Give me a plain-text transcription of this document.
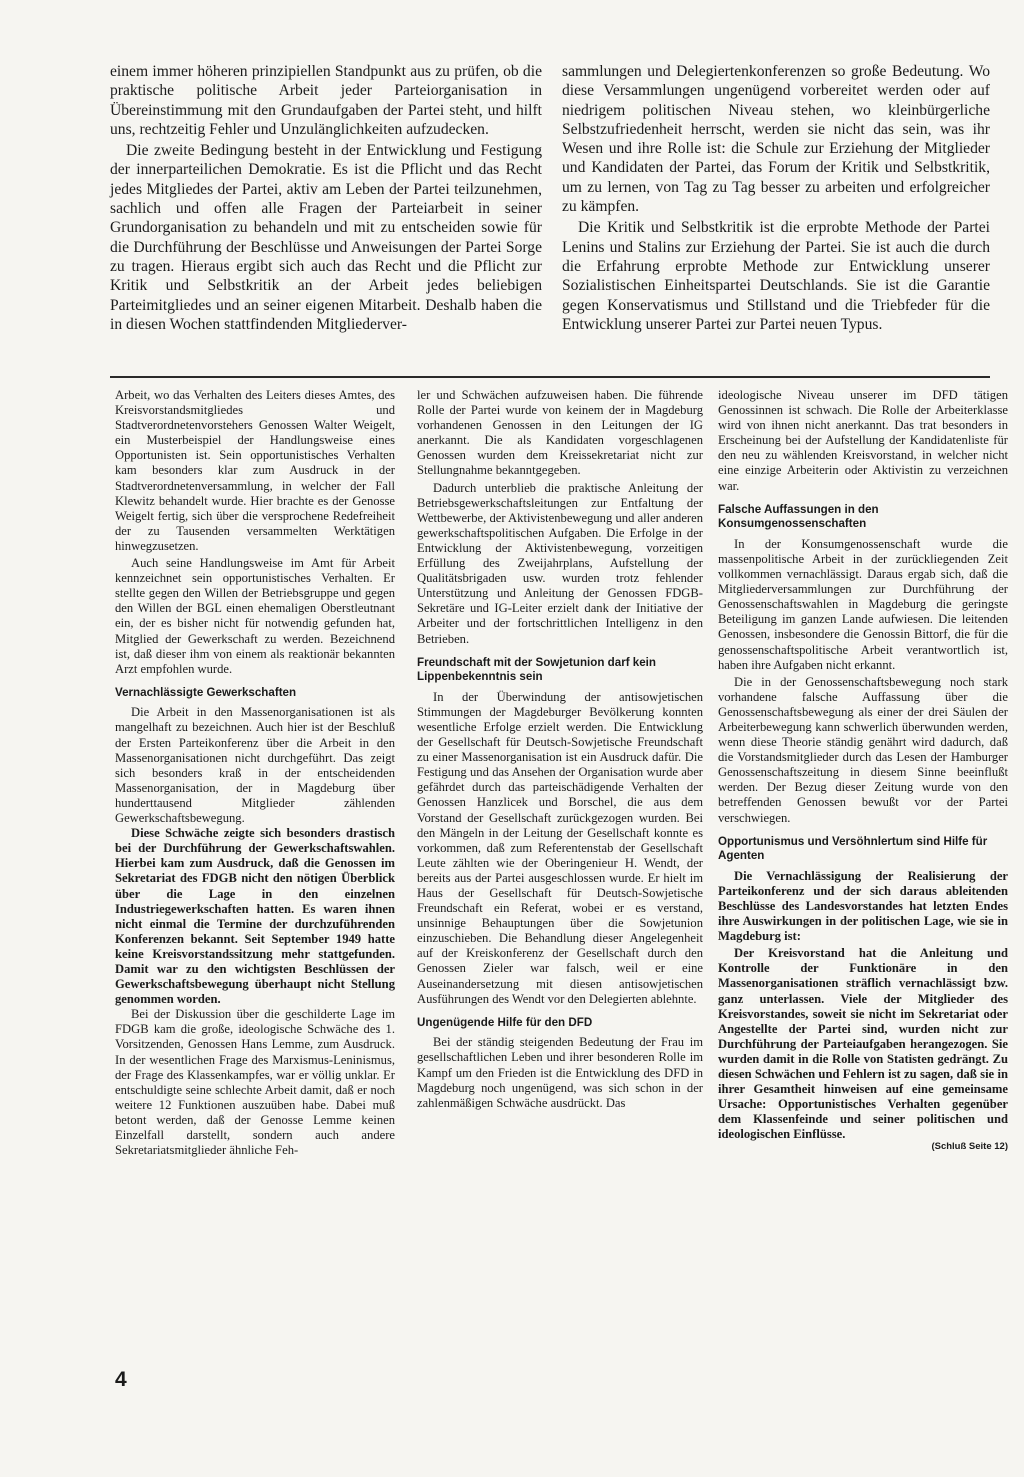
einem immer höheren prinzipiellen Standpunkt aus zu prüfen, ob die praktische politische Arbeit jeder Parteiorganisation in Übereinstimmung mit den Grundaufgaben der Partei steht, und hilft uns, rechtzeitig Fehler und Unzulänglichkeiten aufzudecken.

Die zweite Bedingung besteht in der Entwicklung und Festigung der innerparteilichen Demokratie. Es ist die Pflicht und das Recht jedes Mitgliedes der Partei, aktiv am Leben der Partei teilzunehmen, sachlich und offen alle Fragen der Parteiarbeit in seiner Grundorganisation zu behandeln und mit zu entscheiden sowie für die Durchführung der Beschlüsse und Anweisungen der Partei Sorge zu tragen. Hieraus ergibt sich auch das Recht und die Pflicht zur Kritik und Selbstkritik an der Arbeit jedes beliebigen Parteimitgliedes und an seiner eigenen Mitarbeit. Deshalb haben die in diesen Wochen stattfindenden Mitgliederver-

sammlungen und Delegiertenkonferenzen so große Bedeutung. Wo diese Versammlungen ungenügend vorbereitet werden oder auf niedrigem politischen Niveau stehen, wo kleinbürgerliche Selbstzufriedenheit herrscht, werden sie nicht das sein, was ihr Wesen und ihre Rolle ist: die Schule zur Erziehung der Mitglieder und Kandidaten der Partei, das Forum der Kritik und Selbstkritik, um zu lernen, von Tag zu Tag besser zu arbeiten und erfolgreicher zu kämpfen.

Die Kritik und Selbstkritik ist die erprobte Methode der Partei Lenins und Stalins zur Erziehung der Partei. Sie ist auch die durch die Erfahrung erprobte Methode zur Entwicklung unserer Sozialistischen Einheitspartei Deutschlands. Sie ist die Garantie gegen Konservatismus und Stillstand und die Triebfeder für die Entwicklung unserer Partei zur Partei neuen Typus.

Arbeit, wo das Verhalten des Leiters dieses Amtes, des Kreisvorstandsmitgliedes und Stadtverordnetenvorstehers Genossen Walter Weigelt, ein Musterbeispiel der Handlungsweise eines Opportunisten ist. Sein opportunistisches Verhalten kam besonders klar zum Ausdruck in der Stadtverordnetenversammlung, in welcher der Fall Klewitz behandelt wurde. Hier brachte es der Genosse Weigelt fertig, sich über die versprochene Redefreiheit der zu Tausenden versammelten Werktätigen hinwegzusetzen.

Auch seine Handlungsweise im Amt für Arbeit kennzeichnet sein opportunistisches Verhalten. Er stellte gegen den Willen der Betriebsgruppe und gegen den Willen der BGL einen ehemaligen Oberstleutnant ein, der es bisher nicht für notwendig gefunden hat, Mitglied der Gewerkschaft zu werden. Bezeichnend ist, daß dieser ihm von einem als reaktionär bekannten Arzt empfohlen wurde.

Vernachlässigte Gewerkschaften

Die Arbeit in den Massenorganisationen ist als mangelhaft zu bezeichnen. Auch hier ist der Beschluß der Ersten Parteikonferenz über die Arbeit in den Massenorganisationen nicht durchgeführt. Das zeigt sich besonders kraß in der entscheidenden Massenorganisation, der in Magdeburg über hunderttausend Mitglieder zählenden Gewerkschaftsbewegung.

Diese Schwäche zeigte sich besonders drastisch bei der Durchführung der Gewerkschaftswahlen. Hierbei kam zum Ausdruck, daß die Genossen im Sekretariat des FDGB nicht den nötigen Überblick über die Lage in den einzelnen Industriegewerkschaften hatten. Es waren ihnen nicht einmal die Termine der durchzuführenden Konferenzen bekannt. Seit September 1949 hatte keine Kreisvorstandssitzung mehr stattgefunden. Damit war zu den wichtigsten Beschlüssen der Gewerkschaftsbewegung überhaupt nicht Stellung genommen worden.

Bei der Diskussion über die geschilderte Lage im FDGB kam die große, ideologische Schwäche des 1. Vorsitzenden, Genossen Hans Lemme, zum Ausdruck. In der wesentlichen Frage des Marxismus-Leninismus, der Frage des Klassenkampfes, war er völlig unklar. Er entschuldigte seine schlechte Arbeit damit, daß er noch weitere 12 Funktionen auszuüben habe. Dabei muß betont werden, daß der Genosse Lemme keinen Einzelfall darstellt, sondern auch andere Sekretariatsmitglieder ähnliche Feh-

ler und Schwächen aufzuweisen haben. Die führende Rolle der Partei wurde von keinem der in Magdeburg vorhandenen Genossen in den Leitungen der IG anerkannt. Die als Kandidaten vorgeschlagenen Genossen wurden dem Kreissekretariat nicht zur Stellungnahme bekanntgegeben.

Dadurch unterblieb die praktische Anleitung der Betriebsgewerkschaftsleitungen zur Entfaltung der Wettbewerbe, der Aktivistenbewegung und aller anderen gewerkschaftspolitischen Aufgaben. Die Erfolge in der Entwicklung der Aktivistenbewegung, vorzeitigen Erfüllung des Zweijahrplans, Aufstellung der Qualitätsbrigaden usw. wurden trotz fehlender Unterstützung und Anleitung der Genossen FDGB-Sekretäre und IG-Leiter erzielt dank der Initiative der Arbeiter und der fortschrittlichen Intelligenz in den Betrieben.

Freundschaft mit der Sowjetunion darf kein Lippenbekenntnis sein

In der Überwindung der antisowjetischen Stimmungen der Magdeburger Bevölkerung konnten wesentliche Erfolge erzielt werden. Die Entwicklung der Gesellschaft für Deutsch-Sowjetische Freundschaft zu einer Massenorganisation ist ein Ausdruck dafür. Die Festigung und das Ansehen der Organisation wurde aber gefährdet durch das parteischädigende Verhalten der Genossen Hanzlicek und Borschel, die aus dem Vorstand der Gesellschaft zurückgezogen wurden. Bei den Mängeln in der Leitung der Gesellschaft konnte es vorkommen, daß zum Referentenstab der Gesellschaft Leute zählten wie der Oberingenieur H. Wendt, der bereits aus der Partei ausgeschlossen wurde. Er hielt im Haus der Gesellschaft für Deutsch-Sowjetische Freundschaft ein Referat, wobei er es verstand, unsinnige Behauptungen über die Sowjetunion einzuschieben. Die Behandlung dieser Angelegenheit auf der Kreiskonferenz der Gesellschaft durch den Genossen Zieler war falsch, weil er eine Auseinandersetzung mit diesen antisowjetischen Ausführungen des Wendt vor den Delegierten ablehnte.

Ungenügende Hilfe für den DFD

Bei der ständig steigenden Bedeutung der Frau im gesellschaftlichen Leben und ihrer besonderen Rolle im Kampf um den Frieden ist die Entwicklung des DFD in Magdeburg noch ungenügend, was sich schon in der zahlenmäßigen Schwäche ausdrückt. Das

ideologische Niveau unserer im DFD tätigen Genossinnen ist schwach. Die Rolle der Arbeiterklasse wird von ihnen nicht anerkannt. Das trat besonders in Erscheinung bei der Aufstellung der Kandidatenliste für den neu zu wählenden Kreisvorstand, in welcher nicht eine einzige Arbeiterin oder Aktivistin zu verzeichnen war.

Falsche Auffassungen in den Konsumgenossenschaften

In der Konsumgenossenschaft wurde die massenpolitische Arbeit in der zurückliegenden Zeit vollkommen vernachlässigt. Daraus ergab sich, daß die Mitgliederversammlungen zur Durchführung der Genossenschaftswahlen in Magdeburg die geringste Beteiligung im ganzen Lande aufwiesen. Die leitenden Genossen, insbesondere die Genossin Bittorf, die für die genossenschaftspolitische Arbeit verantwortlich ist, haben ihre Aufgaben nicht erkannt.

Die in der Genossenschaftsbewegung noch stark vorhandene falsche Auffassung über die Genossenschaftsbewegung als einer der drei Säulen der Arbeiterbewegung kann schwerlich überwunden werden, wenn diese Theorie ständig genährt wird dadurch, daß die Vorstandsmitglieder durch das Lesen der Hamburger Genossenschaftszeitung in diesem Sinne beeinflußt werden. Der Bezug dieser Zeitung wurde von den betreffenden Genossen bewußt vor der Partei verschwiegen.

Opportunismus und Versöhnlertum sind Hilfe für Agenten

Die Vernachlässigung der Realisierung der Parteikonferenz und der sich daraus ableitenden Beschlüsse des Landesvorstandes hat letzten Endes ihre Auswirkungen in der politischen Lage, wie sie in Magdeburg ist:

Der Kreisvorstand hat die Anleitung und Kontrolle der Funktionäre in den Massenorganisationen sträflich vernachlässigt bzw. ganz unterlassen. Viele der Mitglieder des Kreisvorstandes, soweit sie nicht im Sekretariat oder Angestellte der Partei sind, wurden nicht zur Durchführung der Parteiaufgaben herangezogen. Sie wurden damit in die Rolle von Statisten gedrängt. Zu diesen Schwächen und Fehlern ist zu sagen, daß sie in ihrer Gesamtheit hinweisen auf eine gemeinsame Ursache: Opportunistisches Verhalten gegenüber dem Klassenfeinde und seiner politischen und ideologischen Einflüsse.

(Schluß Seite 12)
4
